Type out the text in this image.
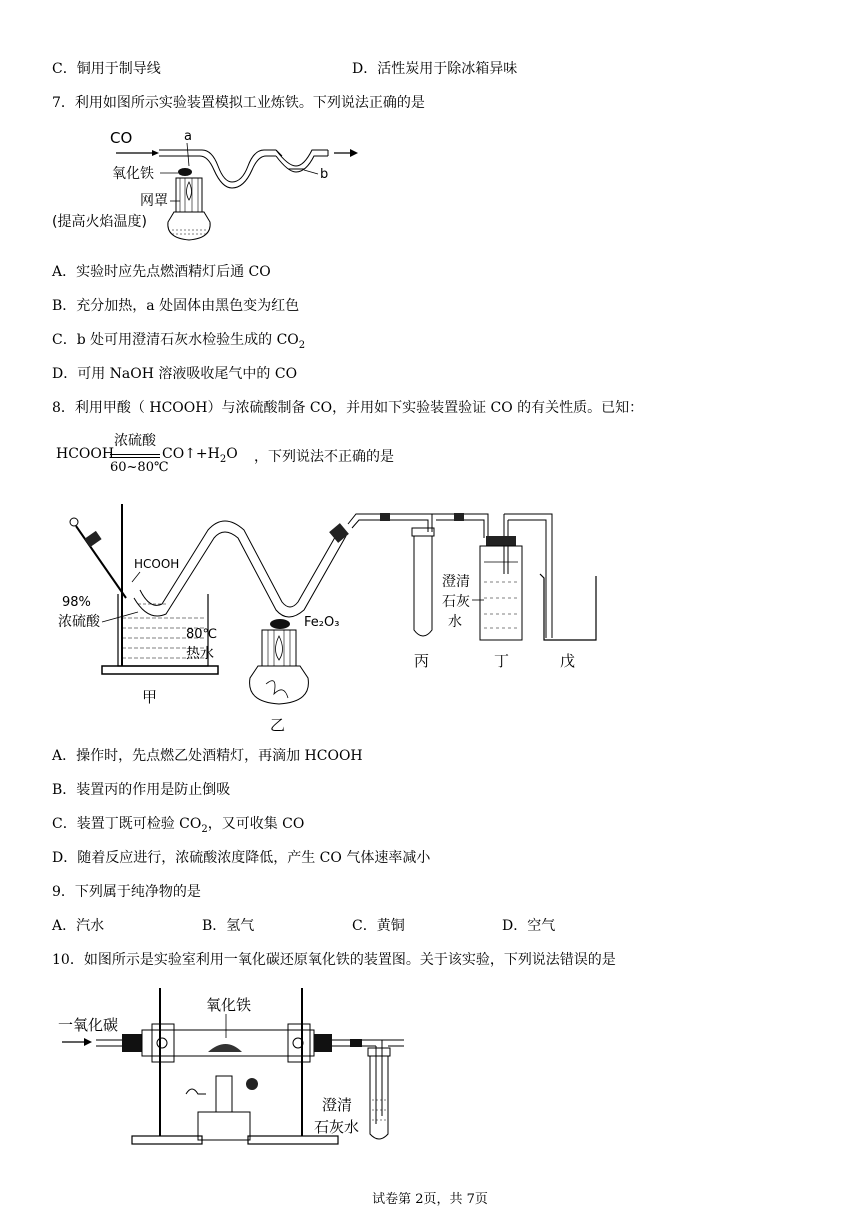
C．铜用于制导线	D．活性炭用于除冰箱异味
7．利用如图所示实验装置模拟工业炼铁。下列说法正确的是
CO	a
b
氧化铁
网罩
(提高火焰温度)
A．实验时应先点燃酒精灯后通 CO
B．充分加热，a 处固体由黑色变为红色
C．b 处可用澄清石灰水检验生成的 $CO_2$
D．可用 NaOH 溶液吸收尾气中的 CO
8．利用甲酸（ HCOOH）与浓硫酸制备 CO，并用如下实验装置验证 CO 的有关性质。已知：
HCOOH
浓硫酸
60~80℃
$CO↑+H_2O$ ，下列说法不正确的是
HCOOH
98%
浓硫酸
80℃
热水
Fe₂O₃
澄清
石灰
水
甲
乙
丙	丁	戊
A．操作时，先点燃乙处酒精灯，再滴加 HCOOH
B．装置丙的作用是防止倒吸
C．装置丁既可检验 $CO_2$，又可收集 CO
D．随着反应进行，浓硫酸浓度降低，产生 CO 气体速率减小
9．下列属于纯净物的是
A．汽水	B．氢气	C．黄铜	D．空气
10．如图所示是实验室利用一氧化碳还原氧化铁的装置图。关于该实验，下列说法错误的是
一氧化碳
氧化铁
澄清
石灰水
试卷第 2页，共 7页
